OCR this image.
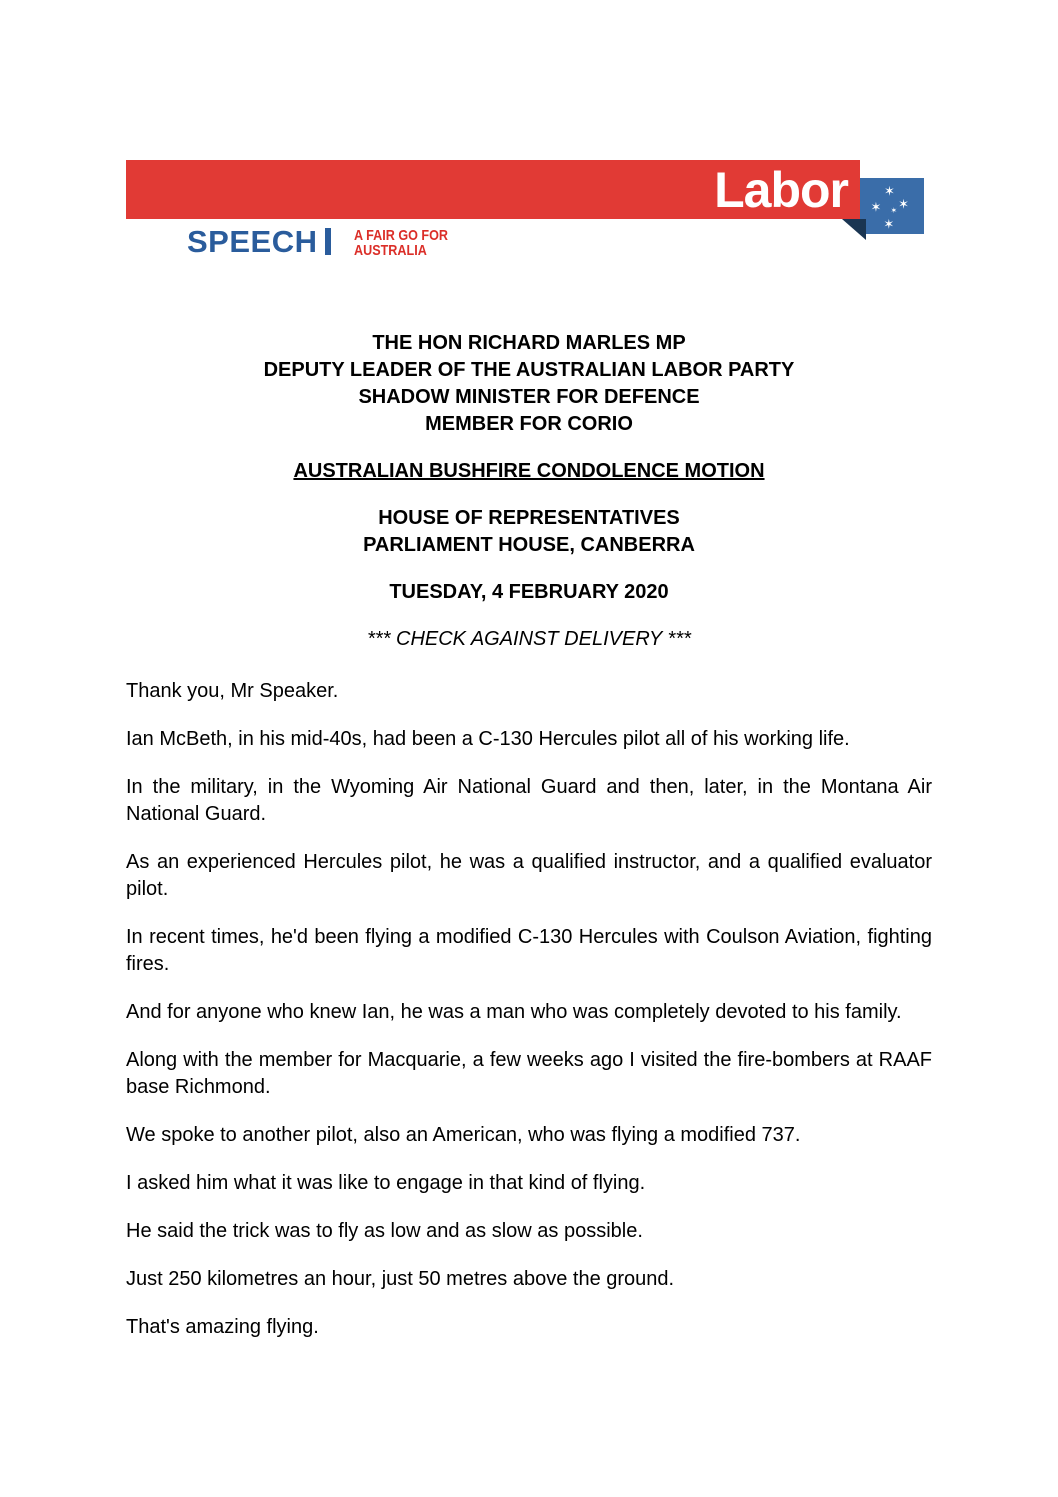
Labor	✶
✶
✶ ✶
✶
SPEECH A FAIR GO FOR
AUSTRALIA

THE HON RICHARD MARLES MP
DEPUTY LEADER OF THE AUSTRALIAN LABOR PARTY
SHADOW MINISTER FOR DEFENCE
MEMBER FOR CORIO

AUSTRALIAN BUSHFIRE CONDOLENCE MOTION

HOUSE OF REPRESENTATIVES
PARLIAMENT HOUSE, CANBERRA

TUESDAY, 4 FEBRUARY 2020

*** CHECK AGAINST DELIVERY ***

Thank you, Mr Speaker.

Ian McBeth, in his mid-40s, had been a C-130 Hercules pilot all of his working life.

In the military, in the Wyoming Air National Guard and then, later, in the Montana Air National Guard.

As an experienced Hercules pilot, he was a qualified instructor, and a qualified evaluator pilot.

In recent times, he'd been flying a modified C-130 Hercules with Coulson Aviation, fighting fires.

And for anyone who knew Ian, he was a man who was completely devoted to his family.

Along with the member for Macquarie, a few weeks ago I visited the fire-bombers at RAAF base Richmond.

We spoke to another pilot, also an American, who was flying a modified 737.

I asked him what it was like to engage in that kind of flying.

He said the trick was to fly as low and as slow as possible.

Just 250 kilometres an hour, just 50 metres above the ground.

That's amazing flying.
